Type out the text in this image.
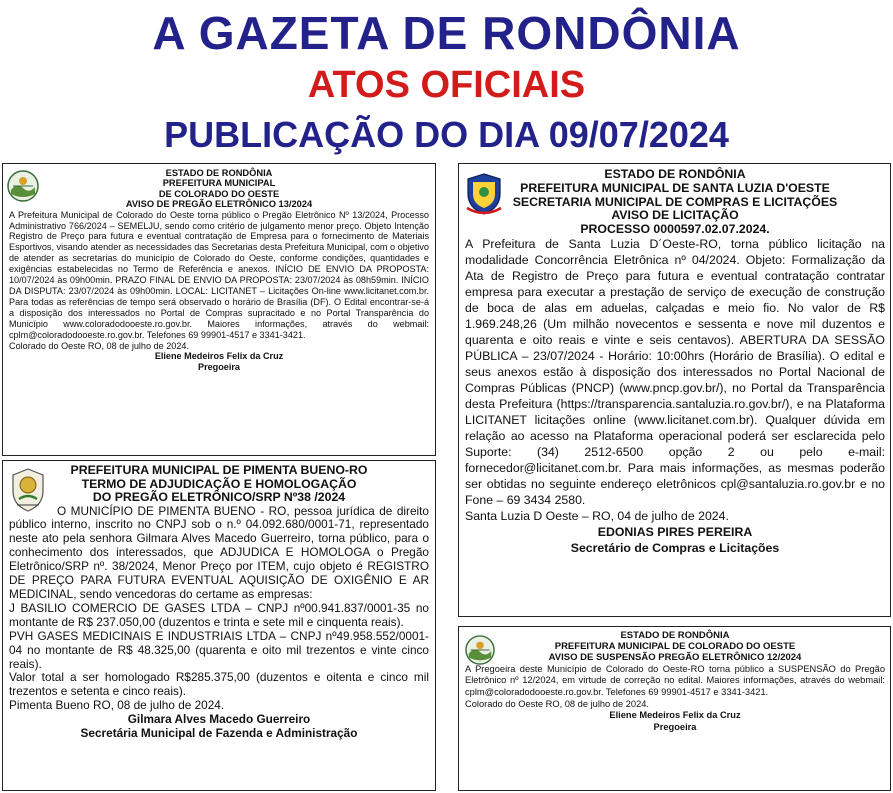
A GAZETA DE RONDÔNIA
ATOS OFICIAIS
PUBLICAÇÃO DO DIA 09/07/2024

ESTADO DE RONDÔNIA

PREFEITURA MUNICIPAL

DE COLORADO DO OESTE

AVISO DE PREGÃO ELETRÔNICO 13/2024

A Prefeitura Municipal de Colorado do Oeste torna público o Pregão Eletrônico Nº 13/2024, Processo Administrativo 766/2024 – SEMELJU, sendo como critério de julgamento menor preço. Objeto Intenção Registro de Preço para futura e eventual contratação de Empresa para o fornecimento de Materiais Esportivos, visando atender as necessidades das Secretarias desta Prefeitura Municipal, com o objetivo de atender as secretarias do município de Colorado do Oeste, conforme condições, quantidades e exigências estabelecidas no Termo de Referência e anexos. INÍCIO DE ENVIO DA PROPOSTA: 10/07/2024 às 09h00min. PRAZO FINAL DE ENVIO DA PROPOSTA: 23/07/2024 às 08h59min. INÍCIO DA DISPUTA: 23/07/2024 às 09h00min. LOCAL: LICITANET – Licitações On-line www.licitanet.com.br. Para todas as referências de tempo será observado o horário de Brasília (DF). O Edital encontrar-se-á a disposição dos interessados no Portal de Compras supracitado e no Portal Transparência do Município www.coloradodooeste.ro.gov.br. Maiores informações, através do webmail: cplm@coloradodooeste.ro.gov.br. Telefones 69 99901-4517 e 3341-3421.

Colorado do Oeste RO, 08 de julho de 2024.

Eliene Medeiros Felix da Cruz

Pregoeira

PREFEITURA MUNICIPAL DE PIMENTA BUENO-RO

TERMO DE ADJUDICAÇÃO E HOMOLOGAÇÃO

DO PREGÃO ELETRÔNICO/SRP Nº38 /2024

O MUNICÍPIO DE PIMENTA BUENO - RO, pessoa jurídica de direito público interno, inscrito no CNPJ sob o n.º 04.092.680/0001-71, representado neste ato pela senhora Gilmara Alves Macedo Guerreiro, torna público, para o conhecimento dos interessados, que ADJUDICA E HOMOLOGA o Pregão Eletrônico/SRP nº. 38/2024, Menor Preço por ITEM, cujo objeto é REGISTRO DE PREÇO PARA FUTURA EVENTUAL AQUISIÇÃO DE OXIGÊNIO E AR MEDICINAL, sendo vencedoras do certame as empresas:

J BASILIO COMERCIO DE GASES LTDA – CNPJ nº00.941.837/0001-35 no montante de R$ 237.050,00 (duzentos e trinta e sete mil e cinquenta reais).

PVH GASES MEDICINAIS E INDUSTRIAIS LTDA – CNPJ nº49.958.552/0001-04 no montante de R$ 48.325,00 (quarenta e oito mil trezentos e vinte cinco reais).

Valor total a ser homologado R$285.375,00 (duzentos e oitenta e cinco mil trezentos e setenta e cinco reais).

Pimenta Bueno RO, 08 de julho de 2024.

Gilmara Alves Macedo Guerreiro

Secretária Municipal de Fazenda e Administração

ESTADO DE RONDÔNIA

PREFEITURA MUNICIPAL DE SANTA LUZIA D'OESTE

SECRETARIA MUNICIPAL DE COMPRAS E LICITAÇÕES

AVISO DE LICITAÇÃO

PROCESSO 0000597.02.07.2024.

A Prefeitura de Santa Luzia D´Oeste-RO, torna público licitação na modalidade Concorrência Eletrônica nº 04/2024. Objeto: Formalização da Ata de Registro de Preço para futura e eventual contratação contratar empresa para executar a prestação de serviço de execução de construção de boca de alas em aduelas, calçadas e meio fio. No valor de R$ 1.969.248,26 (Um milhão novecentos e sessenta e nove mil duzentos e quarenta e oito reais e vinte e seis centavos). ABERTURA DA SESSÃO PÚBLICA – 23/07/2024 - Horário: 10:00hrs (Horário de Brasília). O edital e seus anexos estão à disposição dos interessados no Portal Nacional de Compras Públicas (PNCP) (www.pncp.gov.br/), no Portal da Transparência desta Prefeitura (https://transparencia.santaluzia.ro.gov.br/), e na Plataforma LICITANET licitações online (www.licitanet.com.br). Qualquer dúvida em relação ao acesso na Plataforma operacional poderá ser esclarecida pelo Suporte: (34) 2512-6500 opção 2 ou pelo e-mail: fornecedor@licitanet.com.br. Para mais informações, as mesmas poderão ser obtidas no seguinte endereço eletrônicos cpl@santaluzia.ro.gov.br e no Fone – 69 3434 2580.

Santa Luzia D Oeste – RO, 04 de julho de 2024.

EDONIAS PIRES PEREIRA

Secretário de Compras e Licitações

ESTADO DE RONDÔNIA

PREFEITURA MUNICIPAL DE COLORADO DO OESTE

AVISO DE SUSPENSÃO PREGÃO ELETRÔNICO 12/2024

A Pregoeira deste Município de Colorado do Oeste-RO torna público a SUSPENSÃO do Pregão Eletrônico nº 12/2024, em virtude de correção no edital. Maiores informações, através do webmail: cplm@coloradodooeste.ro.gov.br. Telefones 69 99901-4517 e 3341-3421.

Colorado do Oeste RO, 08 de julho de 2024.

Eliene Medeiros Felix da Cruz

Pregoeira
